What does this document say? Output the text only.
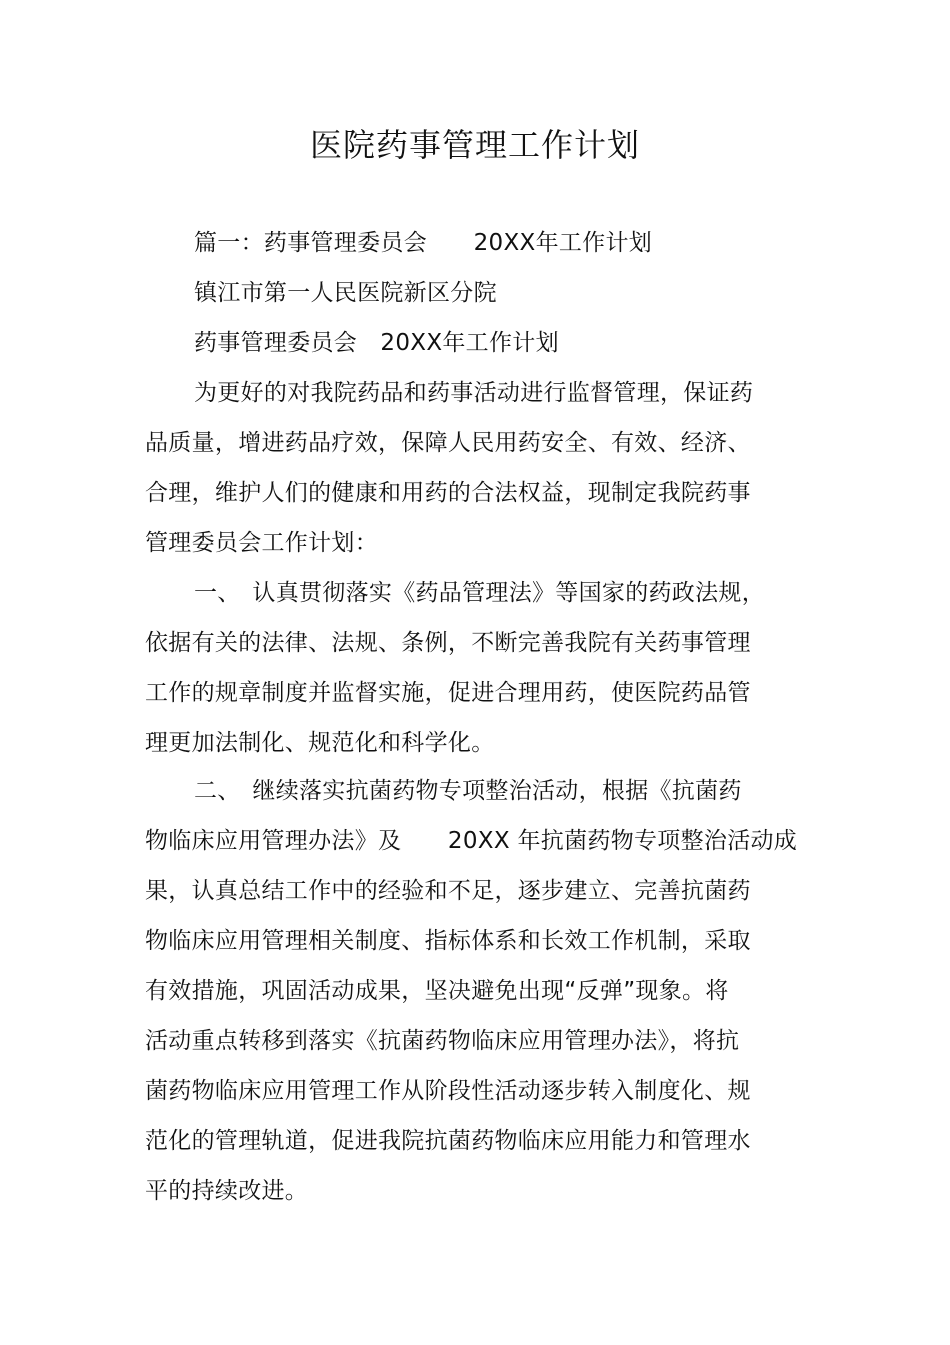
医院药事管理工作计划
篇一：药事管理委员会　　20XX年工作计划
镇江市第一人民医院新区分院
药事管理委员会　20XX年工作计划
为更好的对我院药品和药事活动进行监督管理，保证药
品质量，增进药品疗效，保障人民用药安全、有效、经济、
合理，维护人们的健康和用药的合法权益，现制定我院药事
管理委员会工作计划：
一、　认真贯彻落实《药品管理法》等国家的药政法规，
依据有关的法律、法规、条例，不断完善我院有关药事管理
工作的规章制度并监督实施，促进合理用药，使医院药品管
理更加法制化、规范化和科学化。
二、　继续落实抗菌药物专项整治活动，根据《抗菌药
物临床应用管理办法》及　　20XX 年抗菌药物专项整治活动成
果，认真总结工作中的经验和不足，逐步建立、完善抗菌药
物临床应用管理相关制度、指标体系和长效工作机制，采取
有效措施，巩固活动成果，坚决避免出现“反弹”现象。将
活动重点转移到落实《抗菌药物临床应用管理办法》，将抗
菌药物临床应用管理工作从阶段性活动逐步转入制度化、规
范化的管理轨道，促进我院抗菌药物临床应用能力和管理水
平的持续改进。
